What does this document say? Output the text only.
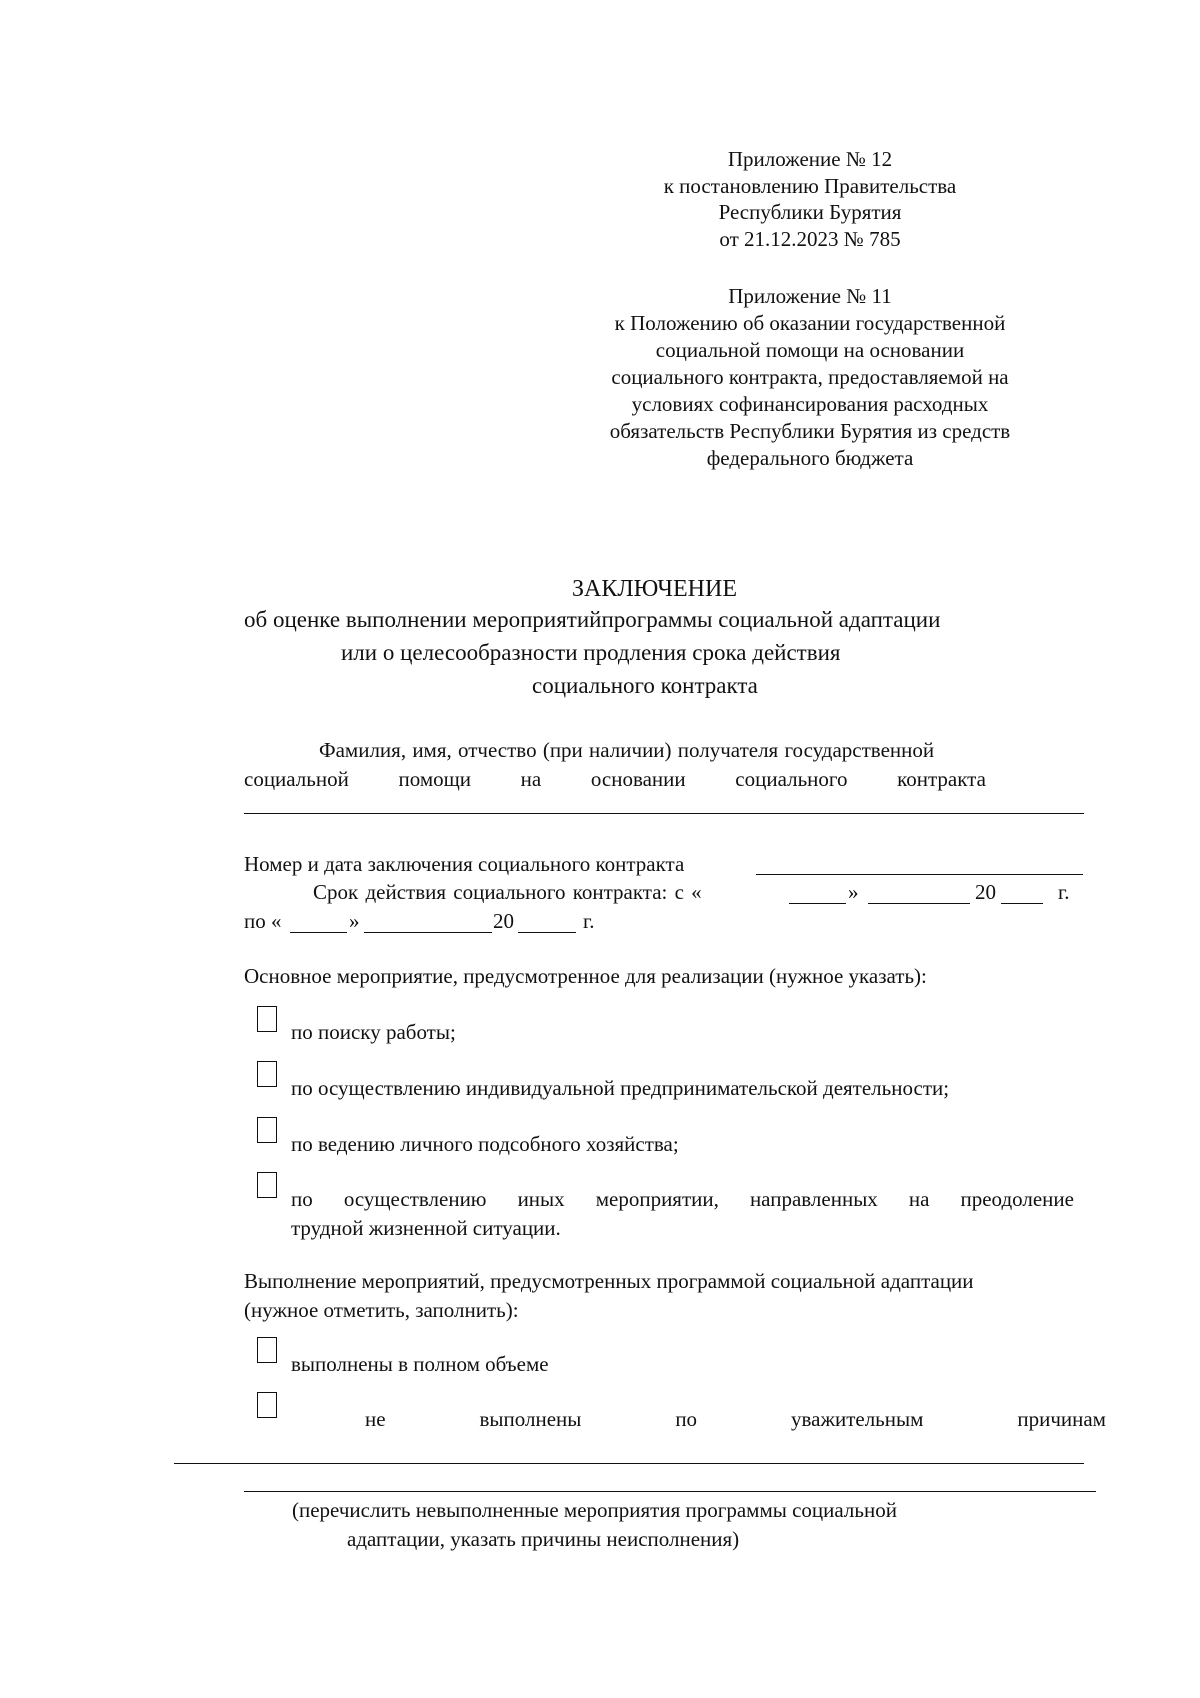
Приложение № 12
к постановлению Правительства
Республики Бурятия
от 21.12.2023 № 785
Приложение № 11
к Положению об оказании государственной
социальной помощи на основании
социального контракта, предоставляемой на
условиях софинансирования расходных
обязательств Республики Бурятия из средств
федерального бюджета
ЗАКЛЮЧЕНИЕ
об оценке выполнении мероприятийпрограммы социальной адаптации
или о целесообразности продления срока действия
социального контракта
Фамилия, имя, отчество (при наличии) получателя государственной
социальной помощи на основании социального контракта
Номер и дата заключения социального контракта
Срок действия социального контракта: с «	»	20	г.
по «	»	20	г.
Основное мероприятие, предусмотренное для реализации (нужное указать):
по поиску работы;
по осуществлению индивидуальной предпринимательской деятельности;
по ведению личного подсобного хозяйства;
по осуществлению иных мероприятии, направленных на преодоление
трудной жизненной ситуации.
Выполнение мероприятий, предусмотренных программой социальной адаптации
(нужное отметить, заполнить):
выполнены в полном объеме
не	выполнены	по	уважительным	причинам
(перечислить невыполненные мероприятия программы социальной
адаптации, указать причины неисполнения)
